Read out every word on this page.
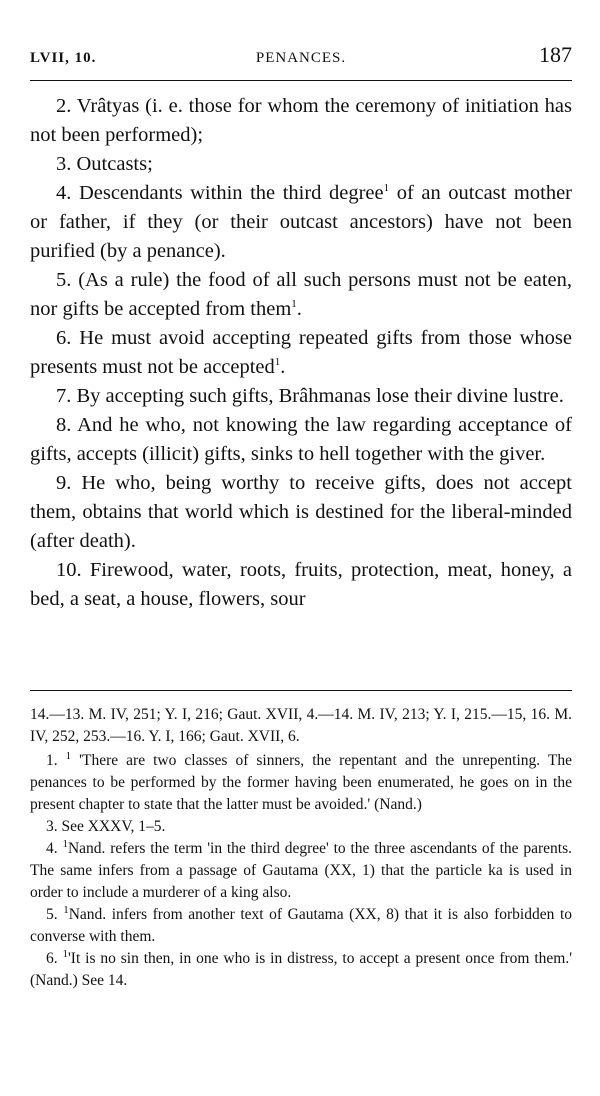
LVII, 10.	PENANCES.	187

2. Vrâtyas (i. e. those for whom the ceremony of initiation has not been performed);

3. Outcasts;

4. Descendants within the third degree$^1$ of an outcast mother or father, if they (or their outcast ancestors) have not been purified (by a penance).

5. (As a rule) the food of all such persons must not be eaten, nor gifts be accepted from them$^1$.

6. He must avoid accepting repeated gifts from those whose presents must not be accepted$^1$.

7. By accepting such gifts, Brâhmanas lose their divine lustre.

8. And he who, not knowing the law regarding acceptance of gifts, accepts (illicit) gifts, sinks to hell together with the giver.

9. He who, being worthy to receive gifts, does not accept them, obtains that world which is destined for the liberal-minded (after death).

10. Firewood, water, roots, fruits, protection, meat, honey, a bed, a seat, a house, flowers, sour

14.—13. M. IV, 251; Y. I, 216; Gaut. XVII, 4.—14. M. IV, 213; Y. I, 215.—15, 16. M. IV, 252, 253.—16. Y. I, 166; Gaut. XVII, 6.

1. $^1$ 'There are two classes of sinners, the repentant and the unrepenting. The penances to be performed by the former having been enumerated, he goes on in the present chapter to state that the latter must be avoided.' (Nand.)

3. See XXXV, 1–5.

4. $^1$Nand. refers the term 'in the third degree' to the three ascendants of the parents. The same infers from a passage of Gautama (XX, 1) that the particle ka is used in order to include a murderer of a king also.

5. $^1$Nand. infers from another text of Gautama (XX, 8) that it is also forbidden to converse with them.

6. $^1$'It is no sin then, in one who is in distress, to accept a present once from them.' (Nand.) See 14.
